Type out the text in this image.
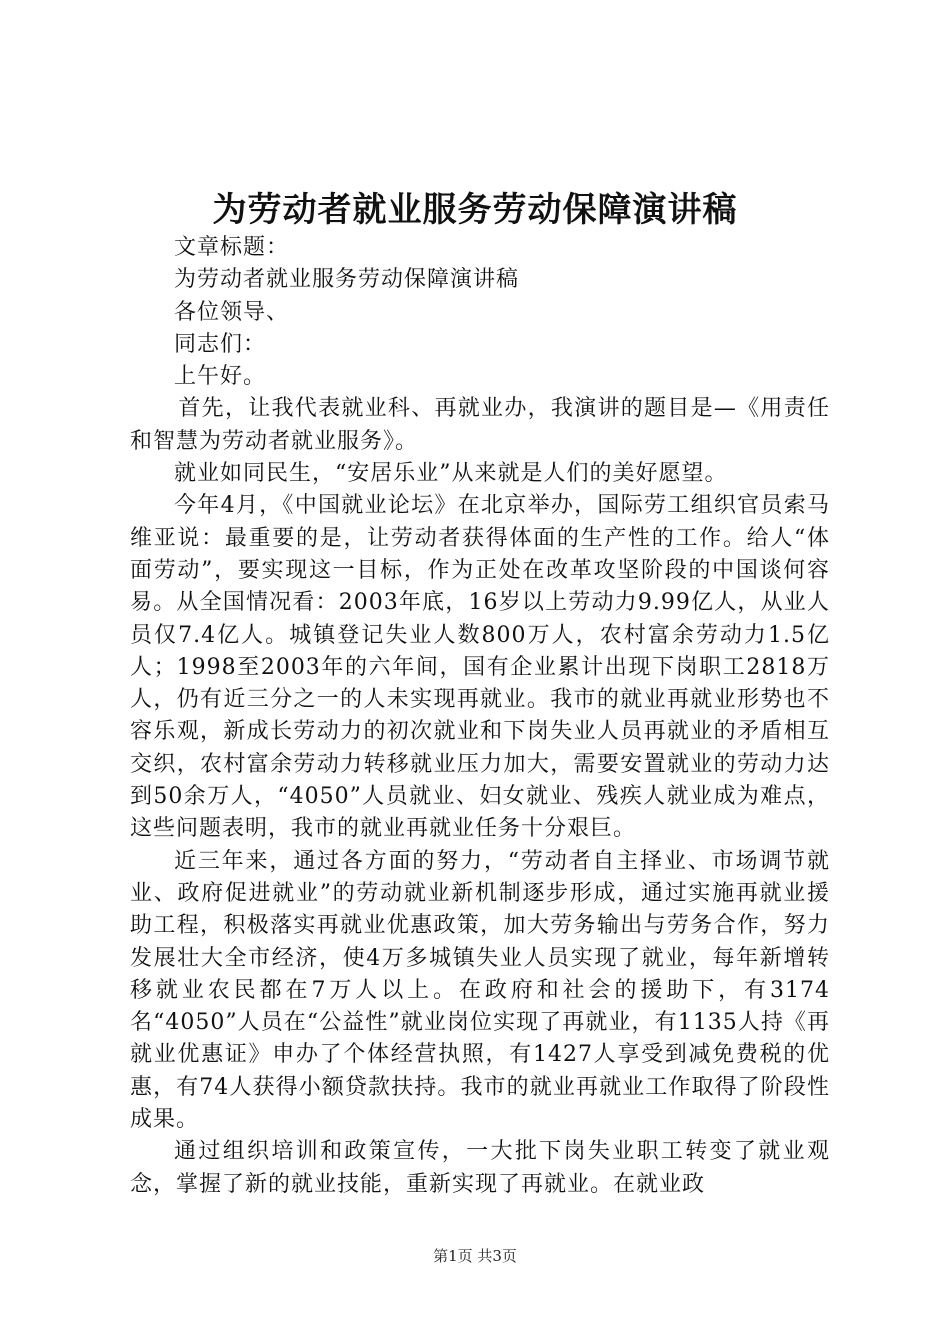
为劳动者就业服务劳动保障演讲稿

文章标题：

为劳动者就业服务劳动保障演讲稿

各位领导、

同志们：

上午好。

首先，让我代表就业科、再就业办，我演讲的题目是—《用责任和智慧为劳动者就业服务》。

就业如同民生，“安居乐业”从来就是人们的美好愿望。

今年4月，《中国就业论坛》在北京举办，国际劳工组织官员索马维亚说：最重要的是，让劳动者获得体面的生产性的工作。给人“体面劳动”，要实现这一目标，作为正处在改革攻坚阶段的中国谈何容易。从全国情况看：2003年底，16岁以上劳动力9.99亿人，从业人员仅7.4亿人。城镇登记失业人数800万人，农村富余劳动力1.5亿人；1998至2003年的六年间，国有企业累计出现下岗职工2818万人，仍有近三分之一的人未实现再就业。我市的就业再就业形势也不容乐观，新成长劳动力的初次就业和下岗失业人员再就业的矛盾相互交织，农村富余劳动力转移就业压力加大，需要安置就业的劳动力达到50余万人，“4050”人员就业、妇女就业、残疾人就业成为难点，这些问题表明，我市的就业再就业任务十分艰巨。

近三年来，通过各方面的努力，“劳动者自主择业、市场调节就业、政府促进就业”的劳动就业新机制逐步形成，通过实施再就业援助工程，积极落实再就业优惠政策，加大劳务输出与劳务合作，努力发展壮大全市经济，使4万多城镇失业人员实现了就业，每年新增转移就业农民都在7万人以上。在政府和社会的援助下，有3174名“4050”人员在“公益性”就业岗位实现了再就业，有1135人持《再就业优惠证》申办了个体经营执照，有1427人享受到减免费税的优惠，有74人获得小额贷款扶持。我市的就业再就业工作取得了阶段性成果。

通过组织培训和政策宣传，一大批下岗失业职工转变了就业观念，掌握了新的就业技能，重新实现了再就业。在就业政

第1页 共3页
